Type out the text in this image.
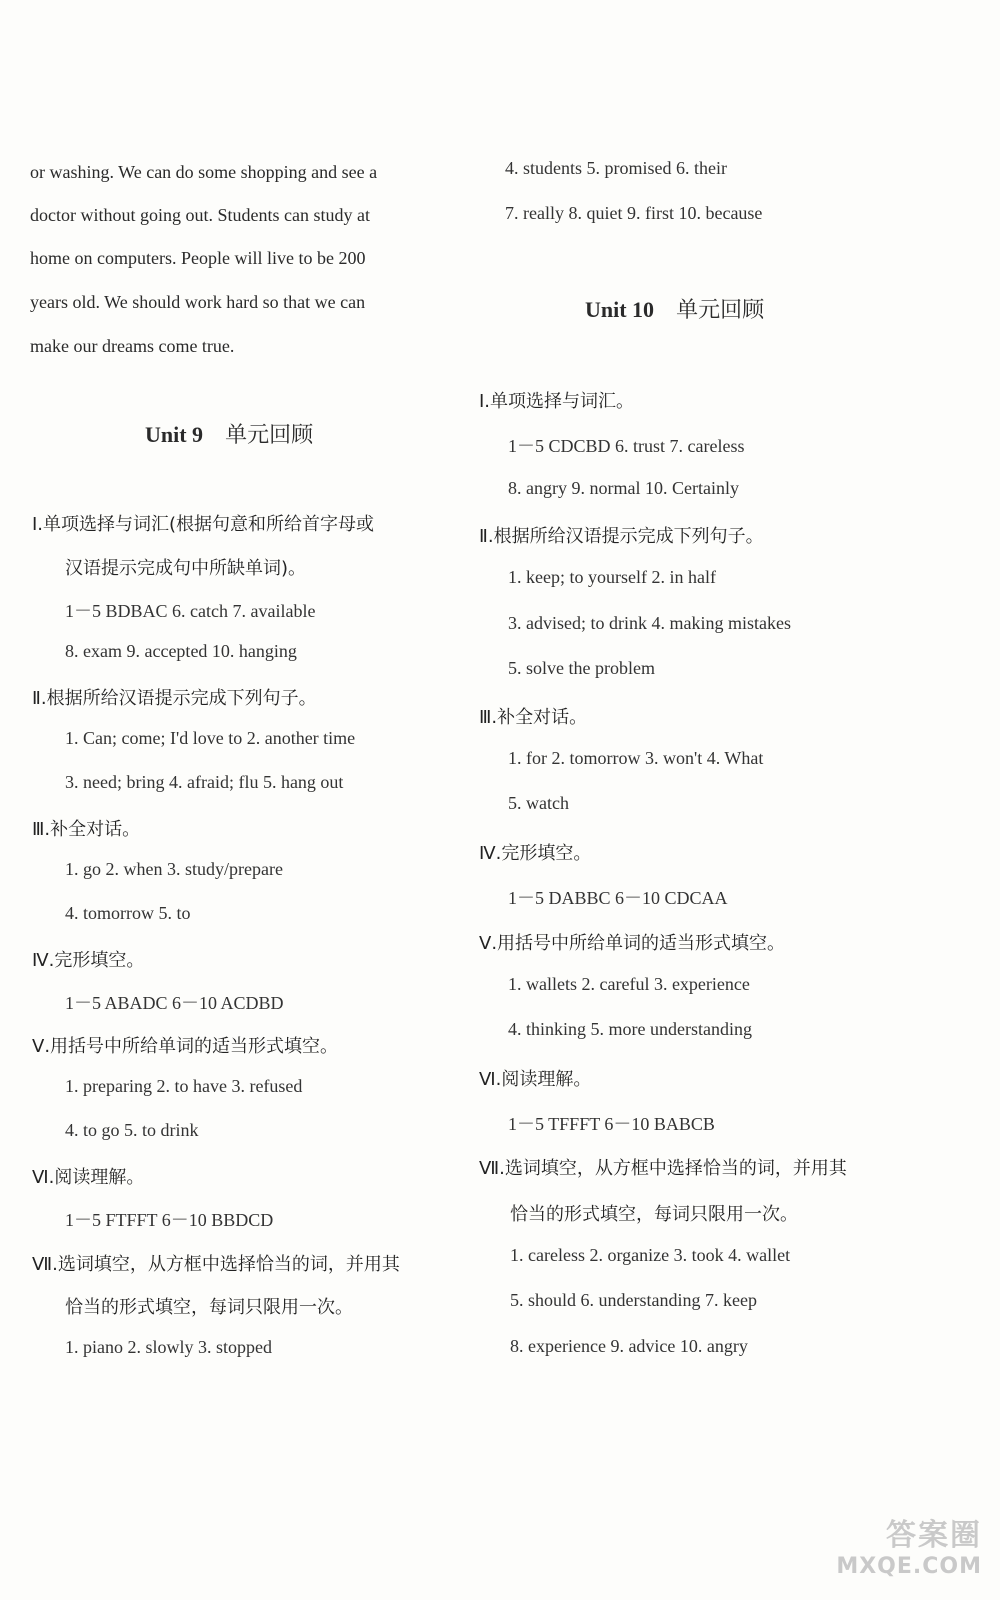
or washing. We can do some shopping and see a
doctor without going out. Students can study at
home on computers. People will live to be 200
years old. We should work hard so that we can
make our dreams come true.
Unit 9 单元回顾
Ⅰ.单项选择与词汇(根据句意和所给首字母或
汉语提示完成句中所缺单词)。
1－5 BDBAC 6. catch 7. available
8. exam 9. accepted 10. hanging
Ⅱ.根据所给汉语提示完成下列句子。
1. Can; come; I'd love to 2. another time
3. need; bring 4. afraid; flu 5. hang out
Ⅲ.补全对话。
1. go 2. when 3. study/prepare
4. tomorrow 5. to
Ⅳ.完形填空。
1－5 ABADC 6－10 ACDBD
Ⅴ.用括号中所给单词的适当形式填空。
1. preparing 2. to have 3. refused
4. to go 5. to drink
Ⅵ.阅读理解。
1－5 FTFFT 6－10 BBDCD
Ⅶ.选词填空，从方框中选择恰当的词，并用其
恰当的形式填空，每词只限用一次。
1. piano 2. slowly 3. stopped
4. students 5. promised 6. their
7. really 8. quiet 9. first 10. because
Unit 10 单元回顾
Ⅰ.单项选择与词汇。
1－5 CDCBD 6. trust 7. careless
8. angry 9. normal 10. Certainly
Ⅱ.根据所给汉语提示完成下列句子。
1. keep; to yourself 2. in half
3. advised; to drink 4. making mistakes
5. solve the problem
Ⅲ.补全对话。
1. for 2. tomorrow 3. won't 4. What
5. watch
Ⅳ.完形填空。
1－5 DABBC 6－10 CDCAA
Ⅴ.用括号中所给单词的适当形式填空。
1. wallets 2. careful 3. experience
4. thinking 5. more understanding
Ⅵ.阅读理解。
1－5 TFFFT 6－10 BABCB
Ⅶ.选词填空，从方框中选择恰当的词，并用其
恰当的形式填空，每词只限用一次。
1. careless 2. organize 3. took 4. wallet
5. should 6. understanding 7. keep
8. experience 9. advice 10. angry
答案圈
MXQE.COM
